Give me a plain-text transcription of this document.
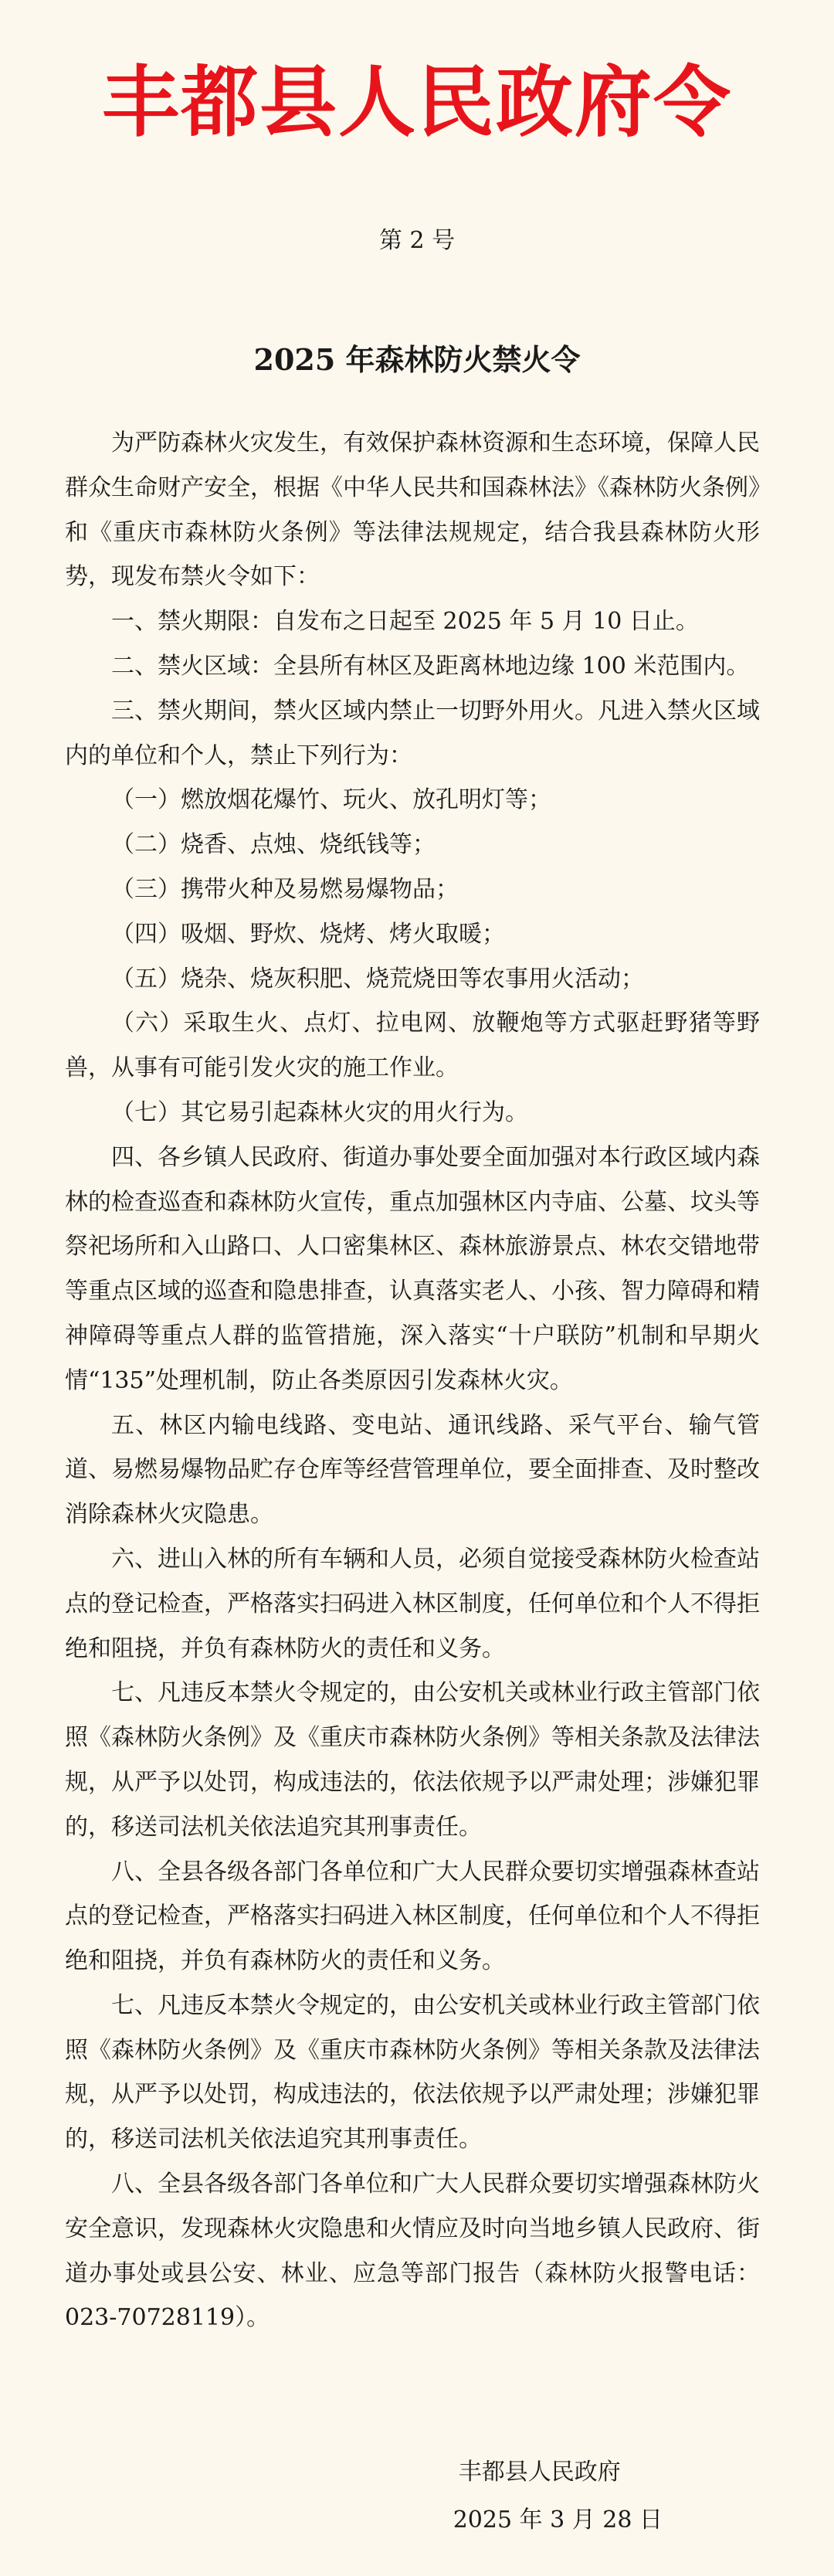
丰都县人民政府令
第 2 号
2025 年森林防火禁火令

为严防森林火灾发生，有效保护森林资源和生态环境，保障人民群众生命财产安全，根据《中华人民共和国森林法》《森林防火条例》和《重庆市森林防火条例》等法律法规规定，结合我县森林防火形势，现发布禁火令如下：

一、禁火期限：自发布之日起至 2025 年 5 月 10 日止。

二、禁火区域：全县所有林区及距离林地边缘 100 米范围内。

三、禁火期间，禁火区域内禁止一切野外用火。凡进入禁火区域内的单位和个人，禁止下列行为：

（一）燃放烟花爆竹、玩火、放孔明灯等；

（二）烧香、点烛、烧纸钱等；

（三）携带火种及易燃易爆物品；

（四）吸烟、野炊、烧烤、烤火取暖；

（五）烧杂、烧灰积肥、烧荒烧田等农事用火活动；

（六）采取生火、点灯、拉电网、放鞭炮等方式驱赶野猪等野兽，从事有可能引发火灾的施工作业。

（七）其它易引起森林火灾的用火行为。

四、各乡镇人民政府、街道办事处要全面加强对本行政区域内森林的检查巡查和森林防火宣传，重点加强林区内寺庙、公墓、坟头等祭祀场所和入山路口、人口密集林区、森林旅游景点、林农交错地带等重点区域的巡查和隐患排查，认真落实老人、小孩、智力障碍和精神障碍等重点人群的监管措施，深入落实“十户联防”机制和早期火情“135”处理机制，防止各类原因引发森林火灾。

五、林区内输电线路、变电站、通讯线路、采气平台、输气管道、易燃易爆物品贮存仓库等经营管理单位，要全面排查、及时整改消除森林火灾隐患。

六、进山入林的所有车辆和人员，必须自觉接受森林防火检查站点的登记检查，严格落实扫码进入林区制度，任何单位和个人不得拒绝和阻挠，并负有森林防火的责任和义务。

七、凡违反本禁火令规定的，由公安机关或林业行政主管部门依照《森林防火条例》及《重庆市森林防火条例》等相关条款及法律法规，从严予以处罚，构成违法的，依法依规予以严肃处理；涉嫌犯罪的，移送司法机关依法追究其刑事责任。

八、全县各级各部门各单位和广大人民群众要切实增强森林查站点的登记检查，严格落实扫码进入林区制度，任何单位和个人不得拒绝和阻挠，并负有森林防火的责任和义务。

七、凡违反本禁火令规定的，由公安机关或林业行政主管部门依照《森林防火条例》及《重庆市森林防火条例》等相关条款及法律法规，从严予以处罚，构成违法的，依法依规予以严肃处理；涉嫌犯罪的，移送司法机关依法追究其刑事责任。

八、全县各级各部门各单位和广大人民群众要切实增强森林防火安全意识，发现森林火灾隐患和火情应及时向当地乡镇人民政府、街道办事处或县公安、林业、应急等部门报告（森林防火报警电话：023-70728119）。

丰都县人民政府
2025 年 3 月 28 日
